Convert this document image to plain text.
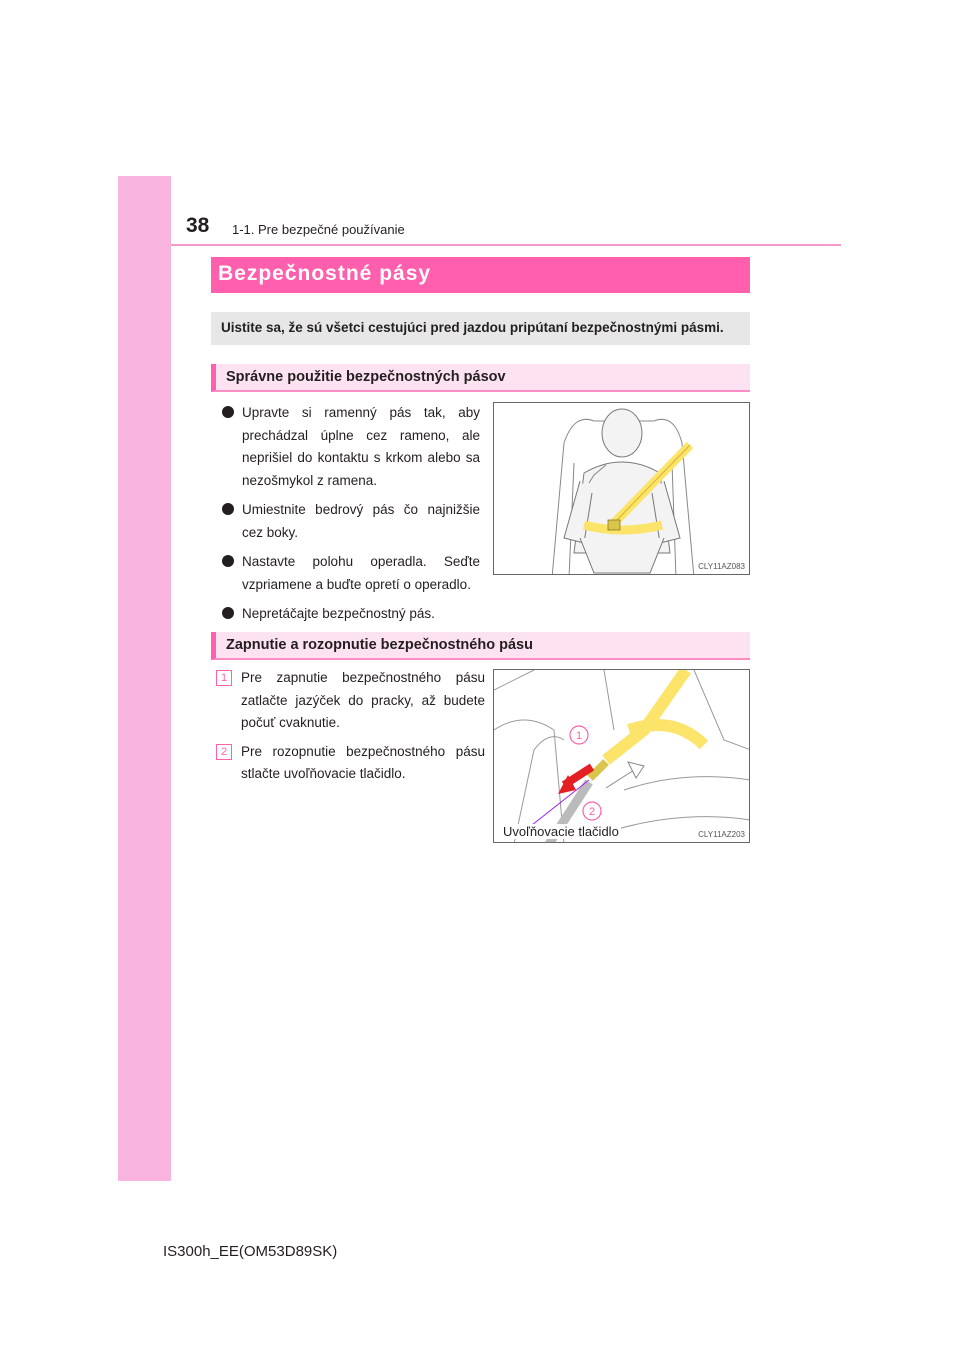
38 1-1. Pre bezpečné používanie
Bezpečnostné pásy
Uistite sa, že sú všetci cestujúci pred jazdou pripútaní bezpečnostnými pásmi.
Správne použitie bezpečnostných pásov
Upravte si ramenný pás tak, aby prechádzal úplne cez rameno, ale neprišiel do kontaktu s krkom alebo sa nezošmykol z ramena.
Umiestnite bedrový pás čo najnižšie cez boky.
Nastavte polohu operadla. Seďte vzpriamene a buďte opretí o operadlo.
Nepretáčajte bezpečnostný pás.
CLY11AZ083
Zapnutie a rozopnutie bezpečnostného pásu
1	Pre zapnutie bezpečnostného pásu zatlačte jazýček do pracky, až budete počuť cvaknutie.
2	Pre rozopnutie bezpečnostného pásu stlačte uvoľňovacie tlačidlo.
1
2
Uvoľňovacie tlačidlo	CLY11AZ203
IS300h_EE(OM53D89SK)
